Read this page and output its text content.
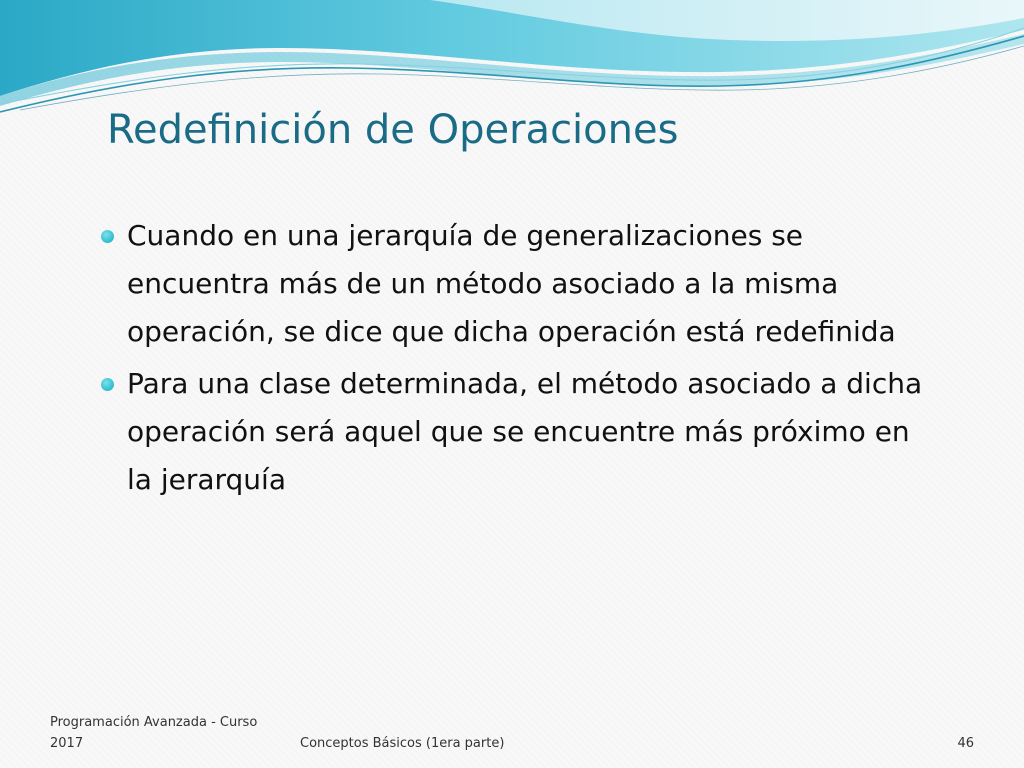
Redefinición de Operaciones
Cuando en una jerarquía de generalizaciones se encuentra más de un método asociado a la misma operación, se dice que dicha operación está redefinida
Para una clase determinada, el método asociado a dicha operación será aquel que se encuentre más próximo en la jerarquía
Programación Avanzada - Curso
2017	Conceptos Básicos (1era parte)	46
